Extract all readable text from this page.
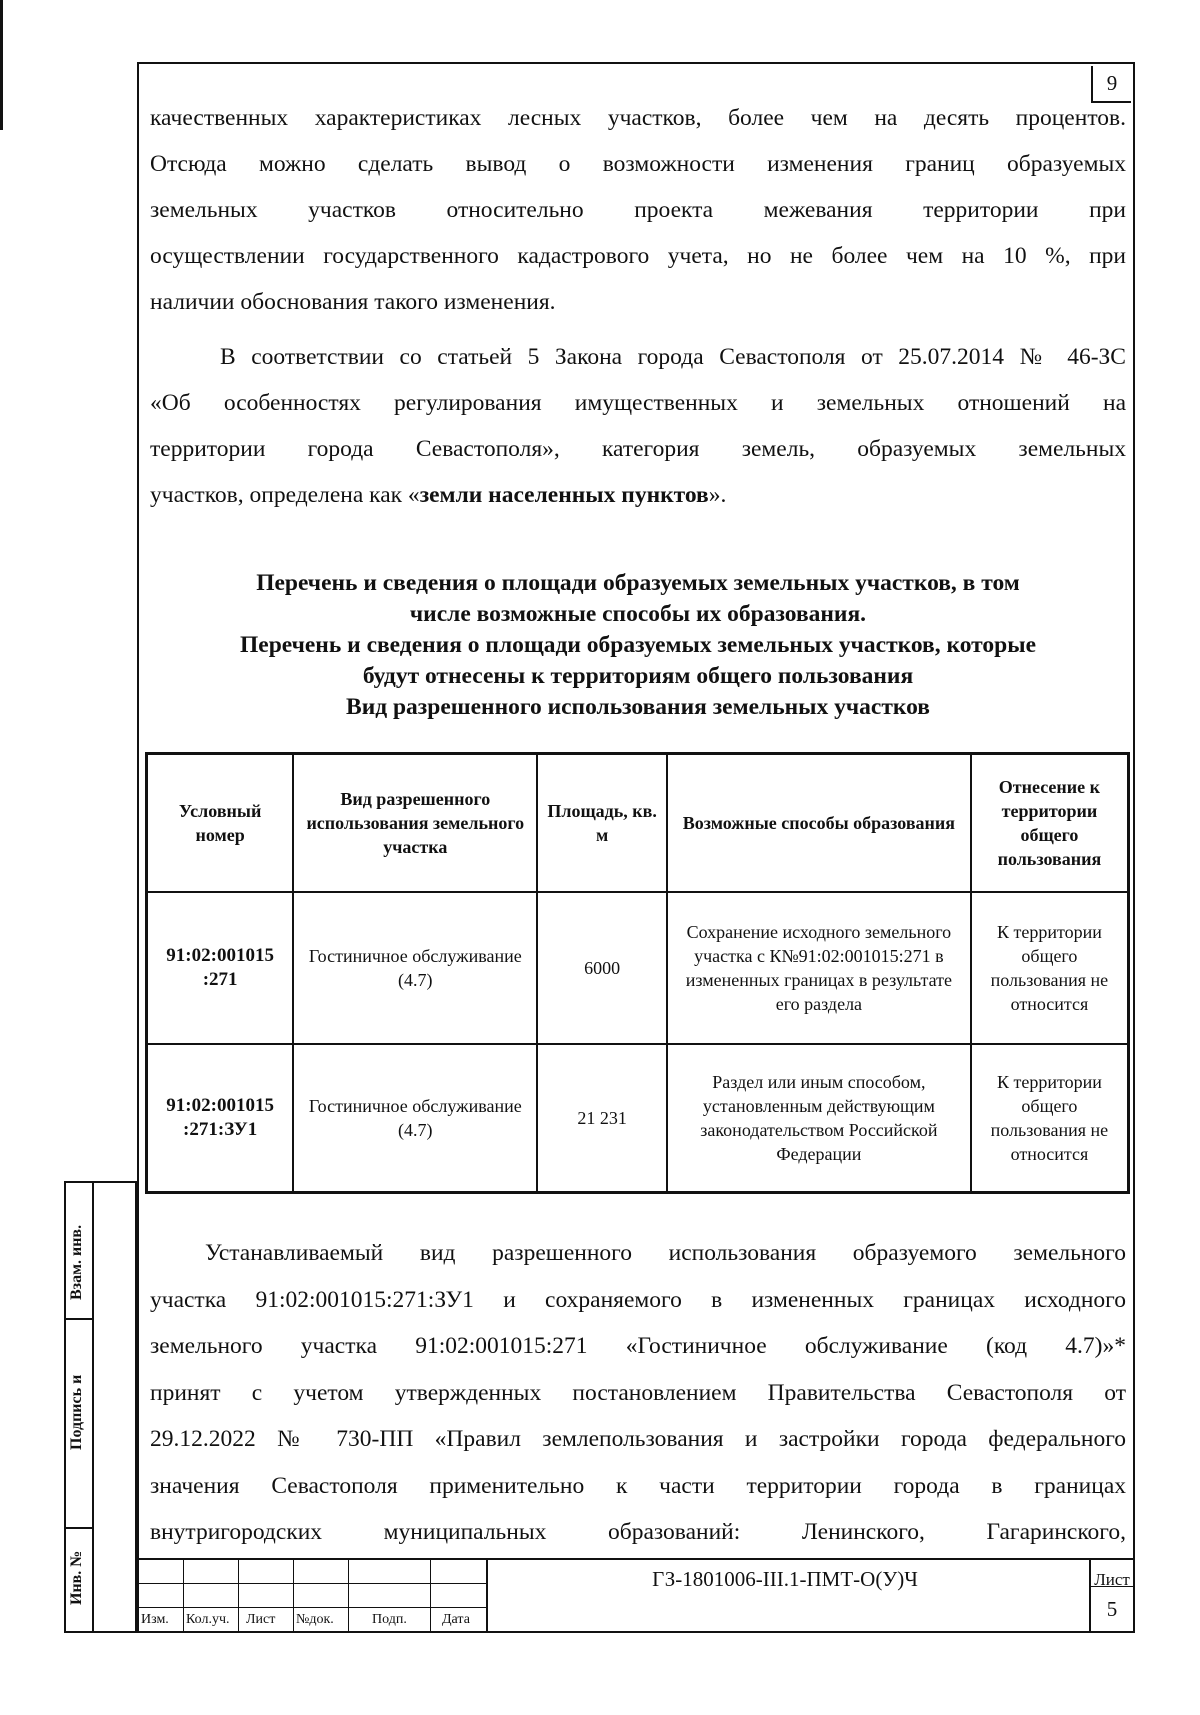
9
качественных характеристиках лесных участков, более чем на десять процентов.
Отсюда можно сделать вывод о возможности изменения границ образуемых
земельных участков относительно проекта межевания территории при
осуществлении государственного кадастрового учета, но не более чем на 10 %, при
наличии обоснования такого изменения.
В соответствии со статьей 5 Закона города Севастополя от 25.07.2014 № 46-ЗС
«Об особенностях регулирования имущественных и земельных отношений на
территории города Севастополя», категория земель, образуемых земельных
участков, определена как «земли населенных пунктов».
Перечень и сведения о площади образуемых земельных участков, в том
числе возможные способы их образования.
Перечень и сведения о площади образуемых земельных участков, которые
будут отнесены к территориям общего пользования
Вид разрешенного использования земельных участков
Условный номер	Вид разрешенного использования земельного участка	Площадь, кв. м	Возможные способы образования	Отнесение к территории общего пользования
91:02:001015
:271	Гостиничное обслуживание (4.7)	6000	Сохранение исходного земельного участка с К№91:02:001015:271 в измененных границах в результате его раздела	К территории общего пользования не относится
91:02:001015
:271:ЗУ1	Гостиничное обслуживание (4.7)	21 231	Раздел или иным способом, установленным действующим законодательством Российской Федерации	К территории общего пользования не относится
Устанавливаемый вид разрешенного использования образуемого земельного
участка 91:02:001015:271:ЗУ1 и сохраняемого в измененных границах исходного
земельного участка 91:02:001015:271 «Гостиничное обслуживание (код 4.7)»*
принят с учетом утвержденных постановлением Правительства Севастополя от
29.12.2022 № 730-ПП «Правил землепользования и застройки города федерального
значения Севастополя применительно к части территории города в границах
внутригородских муниципальных образований: Ленинского, Гагаринского,
Взам. инв.
Подпись и
Инв. №
Изм. Кол.уч. Лист №док.	Подп.	Дата
ГЗ-1801006-III.1-ПМТ-О(У)Ч	Лист
5
